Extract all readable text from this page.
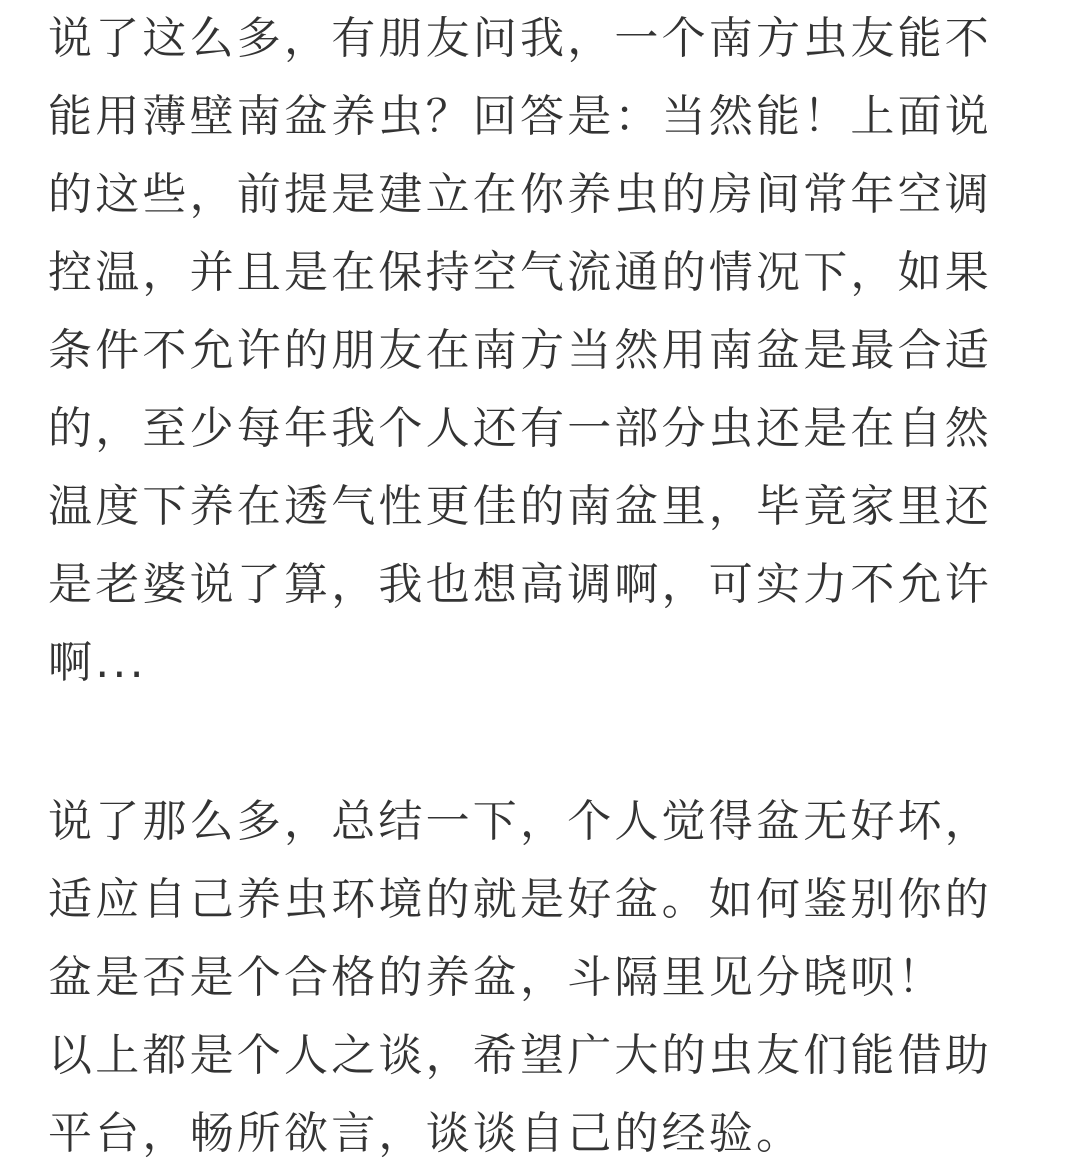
说了这么多，有朋友问我，一个南方虫友能不
能用薄壁南盆养虫？回答是：当然能！上面说
的这些，前提是建立在你养虫的房间常年空调
控温，并且是在保持空气流通的情况下，如果
条件不允许的朋友在南方当然用南盆是最合适
的，至少每年我个人还有一部分虫还是在自然
温度下养在透气性更佳的南盆里，毕竟家里还
是老婆说了算，我也想高调啊，可实力不允许
啊...
说了那么多，总结一下，个人觉得盆无好坏，
适应自己养虫环境的就是好盆。如何鉴别你的
盆是否是个合格的养盆，斗隔里见分晓呗！
以上都是个人之谈，希望广大的虫友们能借助
平台，畅所欲言，谈谈自己的经验。
